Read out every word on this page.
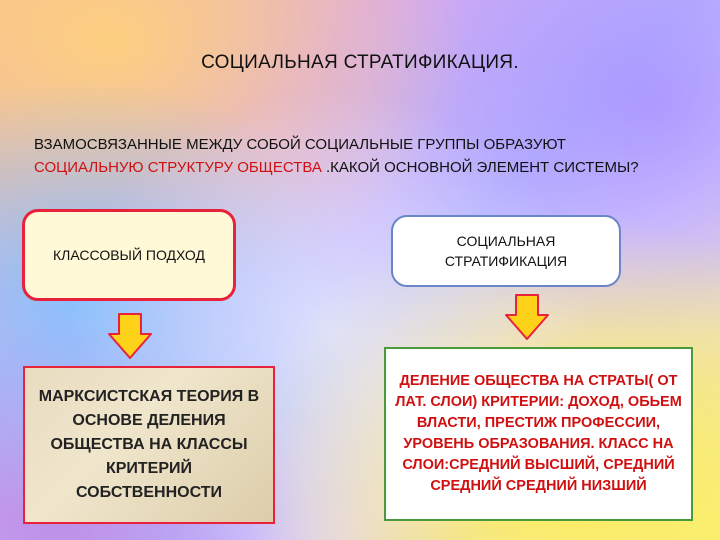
СОЦИАЛЬНАЯ СТРАТИФИКАЦИЯ.
ВЗАМОСВЯЗАННЫЕ МЕЖДУ СОБОЙ СОЦИАЛЬНЫЕ ГРУППЫ ОБРАЗУЮТ СОЦИАЛЬНУЮ СТРУКТУРУ ОБЩЕСТВА .КАКОЙ ОСНОВНОЙ ЭЛЕМЕНТ СИСТЕМЫ?
КЛАССОВЫЙ ПОДХОД
СОЦИАЛЬНАЯ СТРАТИФИКАЦИЯ
МАРКСИСТСКАЯ ТЕОРИЯ В ОСНОВЕ ДЕЛЕНИЯ ОБЩЕСТВА НА КЛАССЫ КРИТЕРИЙ СОБСТВЕННОСТИ
ДЕЛЕНИЕ ОБЩЕСТВА НА СТРАТЫ( ОТ ЛАТ. СЛОИ) КРИТЕРИИ: ДОХОД, ОБЬЕМ ВЛАСТИ, ПРЕСТИЖ ПРОФЕССИИ, УРОВЕНЬ ОБРАЗОВАНИЯ. КЛАСС НА СЛОИ:СРЕДНИЙ ВЫСШИЙ, СРЕДНИЙ СРЕДНИЙ СРЕДНИЙ НИЗШИЙ
